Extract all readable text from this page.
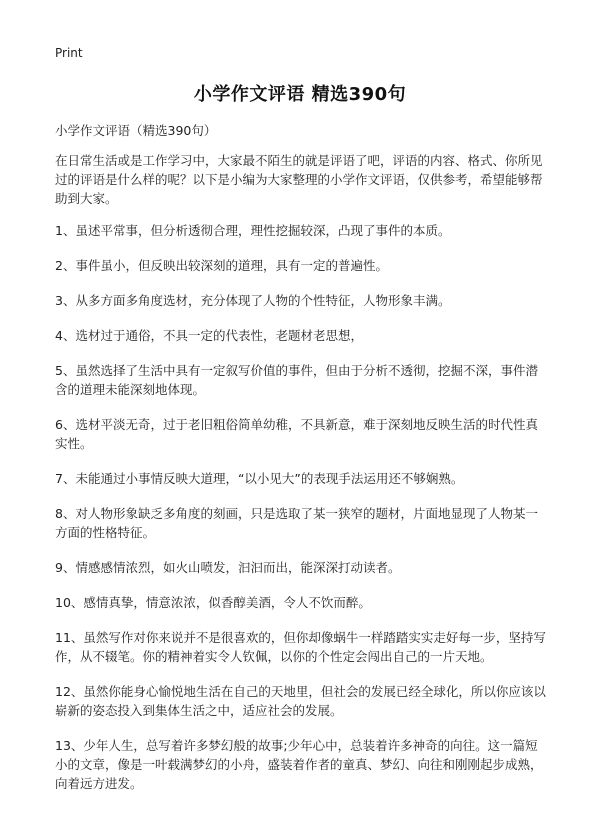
Print
小学作文评语 精选390句
小学作文评语（精选390句）

在日常生活或是工作学习中，大家最不陌生的就是评语了吧，评语的内容、格式、你所见过的评语是什么样的呢？以下是小编为大家整理的小学作文评语，仅供参考，希望能够帮助到大家。

1、虽述平常事，但分析透彻合理，理性挖掘较深，凸现了事件的本质。

2、事件虽小，但反映出较深刻的道理，具有一定的普遍性。

3、从多方面多角度选材，充分体现了人物的个性特征，人物形象丰满。

4、选材过于通俗，不具一定的代表性，老题材老思想，

5、虽然选择了生活中具有一定叙写价值的事件，但由于分析不透彻，挖掘不深，事件潜含的道理未能深刻地体现。

6、选材平淡无奇，过于老旧粗俗简单幼稚，不具新意，难于深刻地反映生活的时代性真实性。

7、未能通过小事情反映大道理，“以小见大”的表现手法运用还不够娴熟。

8、对人物形象缺乏多角度的刻画，只是选取了某一狭窄的题材，片面地显现了人物某一方面的性格特征。

9、情感感情浓烈，如火山喷发，汩汩而出，能深深打动读者。

10、感情真挚，情意浓浓，似香醇美酒，令人不饮而醉。

11、虽然写作对你来说并不是很喜欢的，但你却像蜗牛一样踏踏实实走好每一步，坚持写作，从不辍笔。你的精神着实令人钦佩，以你的个性定会闯出自己的一片天地。

12、虽然你能身心愉悦地生活在自己的天地里，但社会的发展已经全球化，所以你应该以崭新的姿态投入到集体生活之中，适应社会的发展。

13、少年人生，总写着许多梦幻般的故事;少年心中，总装着许多神奇的向往。这一篇短小的文章，像是一叶载满梦幻的小舟，盛装着作者的童真、梦幻、向往和刚刚起步成熟，向着远方进发。
